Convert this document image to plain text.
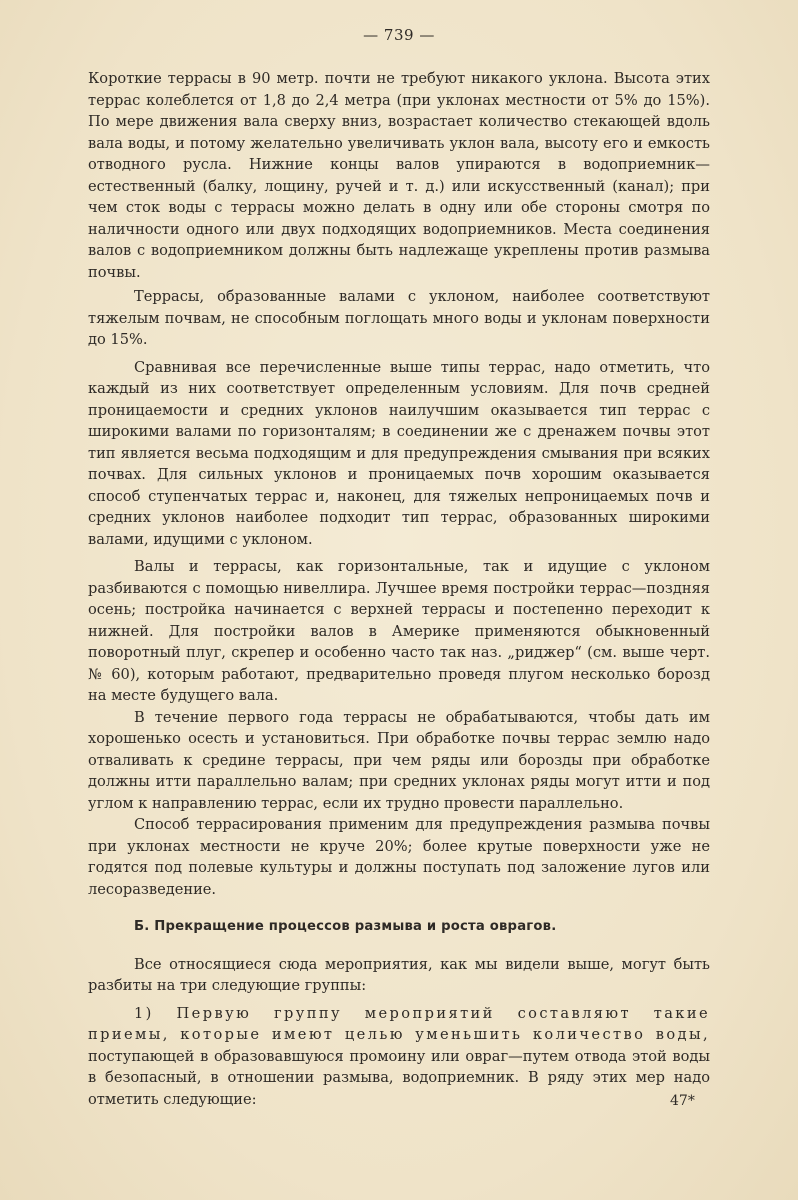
— 739 —

Короткие террасы в 90 метр. почти не требуют никакого уклона. Высота этих террас колеблется от 1,8 до 2,4 метра (при уклонах местности от 5% до 15%). По мере движения вала сверху вниз, возрастает количество стекающей вдоль вала воды, и потому желательно увеличивать уклон вала, высоту его и емкость отводного русла. Нижние концы валов упираются в водоприемник—естественный (балку, лощину, ручей и т. д.) или искусственный (канал); при чем сток воды с террасы можно делать в одну или обе стороны смотря по наличности одного или двух подходящих водоприемников. Места соединения валов с водоприемником должны быть надлежаще укреплены против размыва почвы.

Террасы, образованные валами с уклоном, наиболее соответствуют тяжелым почвам, не способным поглощать много воды и уклонам поверхности до 15%.

Сравнивая все перечисленные выше типы террас, надо отметить, что каждый из них соответствует определенным условиям. Для почв средней проницаемости и средних уклонов наилучшим оказывается тип террас с широкими валами по горизонталям; в соединении же с дренажем почвы этот тип является весьма подходящим и для предупреждения смывания при всяких почвах. Для сильных уклонов и проницаемых почв хорошим оказывается способ ступенчатых террас и, наконец, для тяжелых непроницаемых почв и средних уклонов наиболее подходит тип террас, образованных широкими валами, идущими с уклоном.

Валы и террасы, как горизонтальные, так и идущие с уклоном разбиваются с помощью нивеллира. Лучшее время постройки террас—поздняя осень; постройка начинается с верхней террасы и постепенно переходит к нижней. Для постройки валов в Америке применяются обыкновенный поворотный плуг, скрепер и особенно часто так наз. „риджер“ (см. выше черт. № 60), которым работают, предварительно проведя плугом несколько борозд на месте будущего вала.

В течение первого года террасы не обрабатываются, чтобы дать им хорошенько осесть и установиться. При обработке почвы террас землю надо отваливать к средине террасы, при чем ряды или борозды при обработке должны итти параллельно валам; при средних уклонах ряды могут итти и под углом к направлению террас, если их трудно провести параллельно.

Способ террасирования применим для предупреждения размыва почвы при уклонах местности не круче 20%; более крутые поверхности уже не годятся под полевые культуры и должны поступать под заложение лугов или лесоразведение.

Б. Прекращение процессов размыва и роста оврагов.

Все относящиеся сюда мероприятия, как мы видели выше, могут быть разбиты на три следующие группы:

1) Первую группу мероприятий составляют такие приемы, которые имеют целью уменьшить количество воды, поступающей в образовавшуюся промоину или овраг—путем отвода этой воды в безопасный, в отношении размыва, водоприемник. В ряду этих мер надо отметить следующие:	47*
